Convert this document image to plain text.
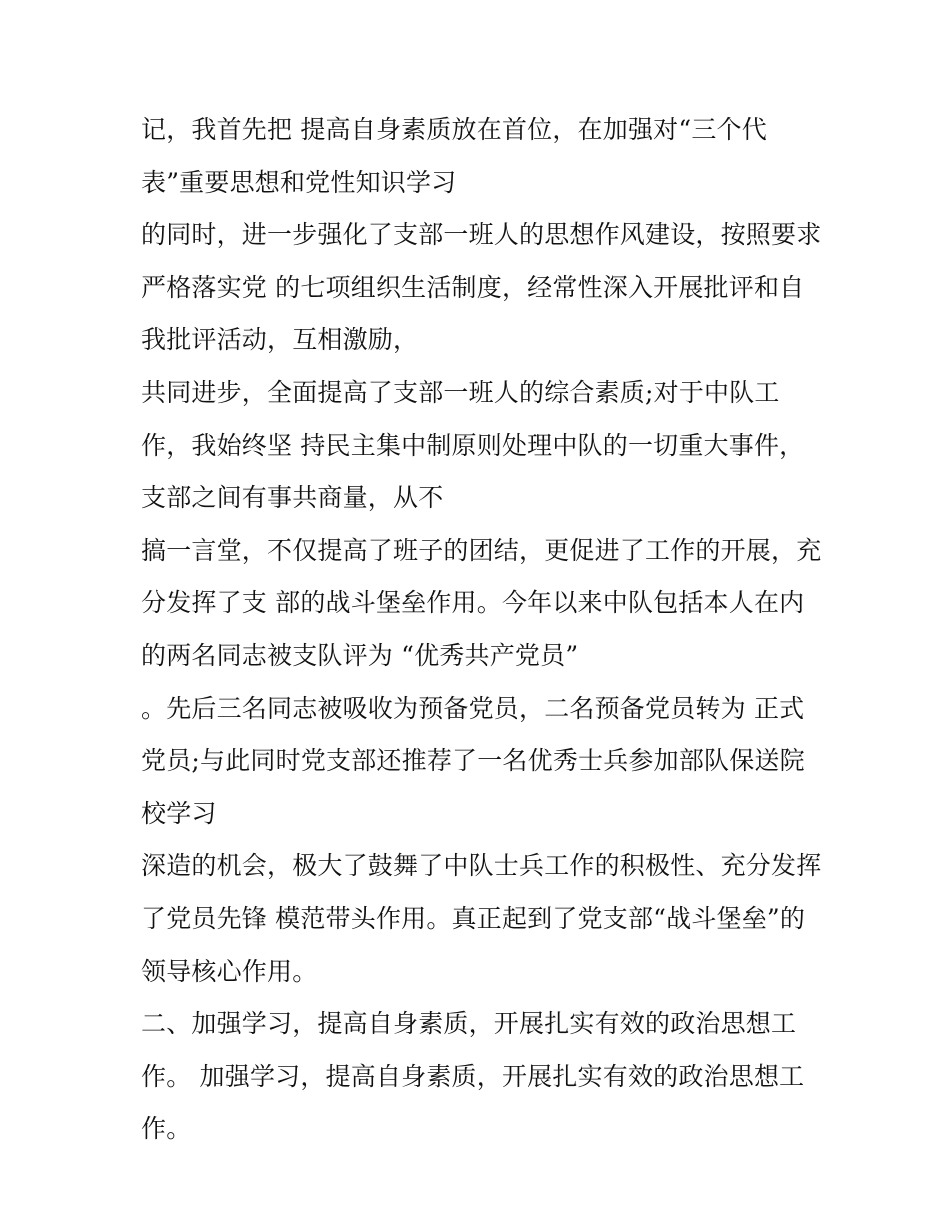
记，我首先把 提高自身素质放在首位，在加强对“三个代
表”重要思想和党性知识学习
的同时，进一步强化了支部一班人的思想作风建设，按照要求
严格落实党 的七项组织生活制度，经常性深入开展批评和自
我批评活动，互相激励，
共同进步，全面提高了支部一班人的综合素质;对于中队工
作，我始终坚 持民主集中制原则处理中队的一切重大事件，
支部之间有事共商量，从不
搞一言堂，不仅提高了班子的团结，更促进了工作的开展，充
分发挥了支 部的战斗堡垒作用。今年以来中队包括本人在内
的两名同志被支队评为 “优秀共产党员”
。先后三名同志被吸收为预备党员，二名预备党员转为 正式
党员;与此同时党支部还推荐了一名优秀士兵参加部队保送院
校学习
深造的机会，极大了鼓舞了中队士兵工作的积极性、充分发挥
了党员先锋 模范带头作用。真正起到了党支部“战斗堡垒”的
领导核心作用。
二、加强学习，提高自身素质，开展扎实有效的政治思想工
作。 加强学习，提高自身素质，开展扎实有效的政治思想工
作。
